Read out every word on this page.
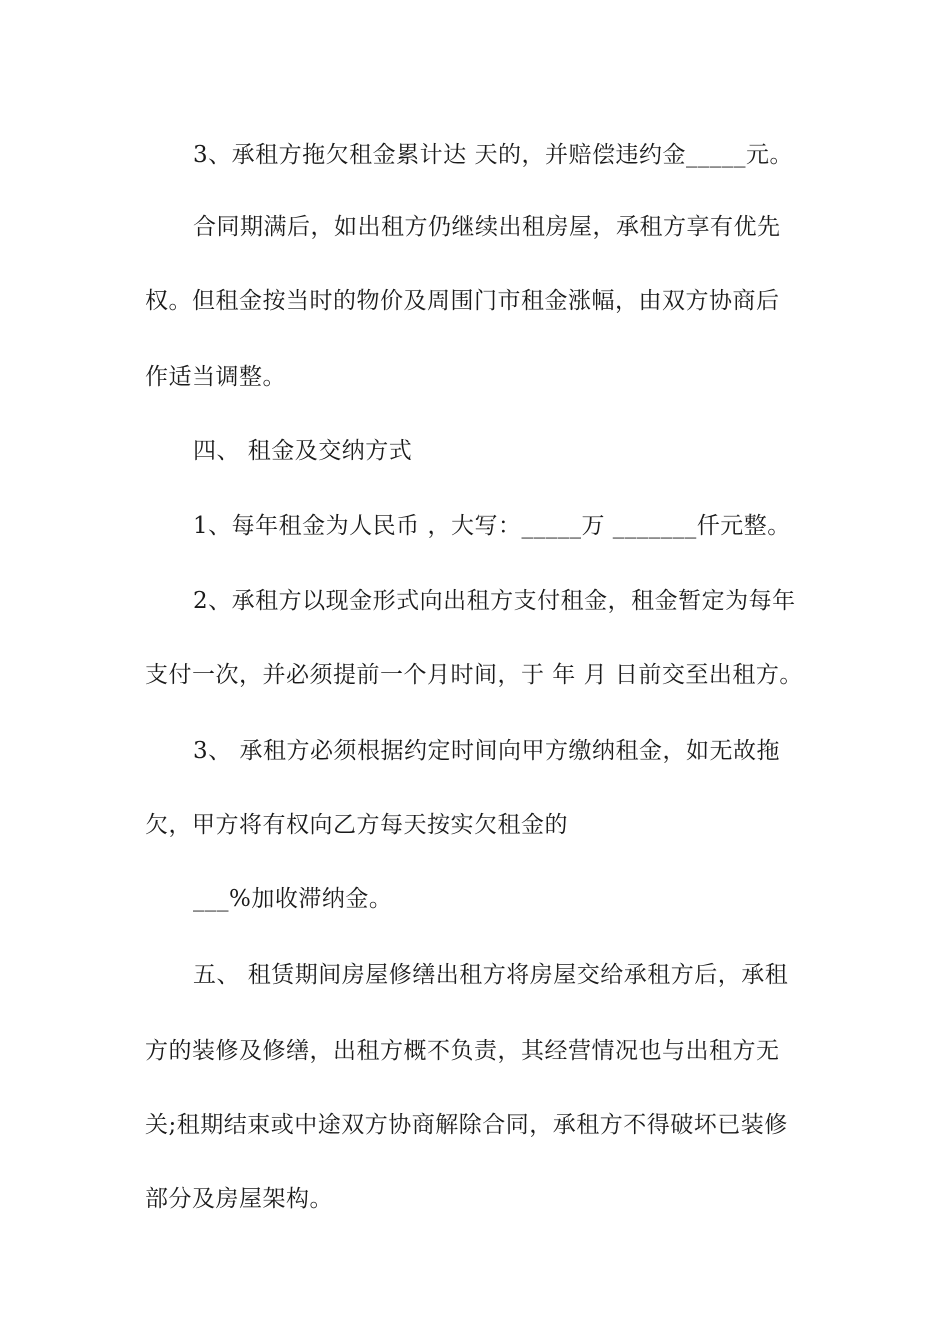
3、承租方拖欠租金累计达 天的，并赔偿违约金_____元。
合同期满后，如出租方仍继续出租房屋，承租方享有优先
权。但租金按当时的物价及周围门市租金涨幅，由双方协商后
作适当调整。
四、 租金及交纳方式
1、每年租金为人民币 ，大写：_____万 _______仟元整。
2、承租方以现金形式向出租方支付租金，租金暂定为每年
支付一次，并必须提前一个月时间，于 年 月 日前交至出租方。
3、 承租方必须根据约定时间向甲方缴纳租金，如无故拖
欠，甲方将有权向乙方每天按实欠租金的
___%加收滞纳金。
五、 租赁期间房屋修缮出租方将房屋交给承租方后，承租
方的装修及修缮，出租方概不负责，其经营情况也与出租方无
关;租期结束或中途双方协商解除合同，承租方不得破坏已装修
部分及房屋架构。
